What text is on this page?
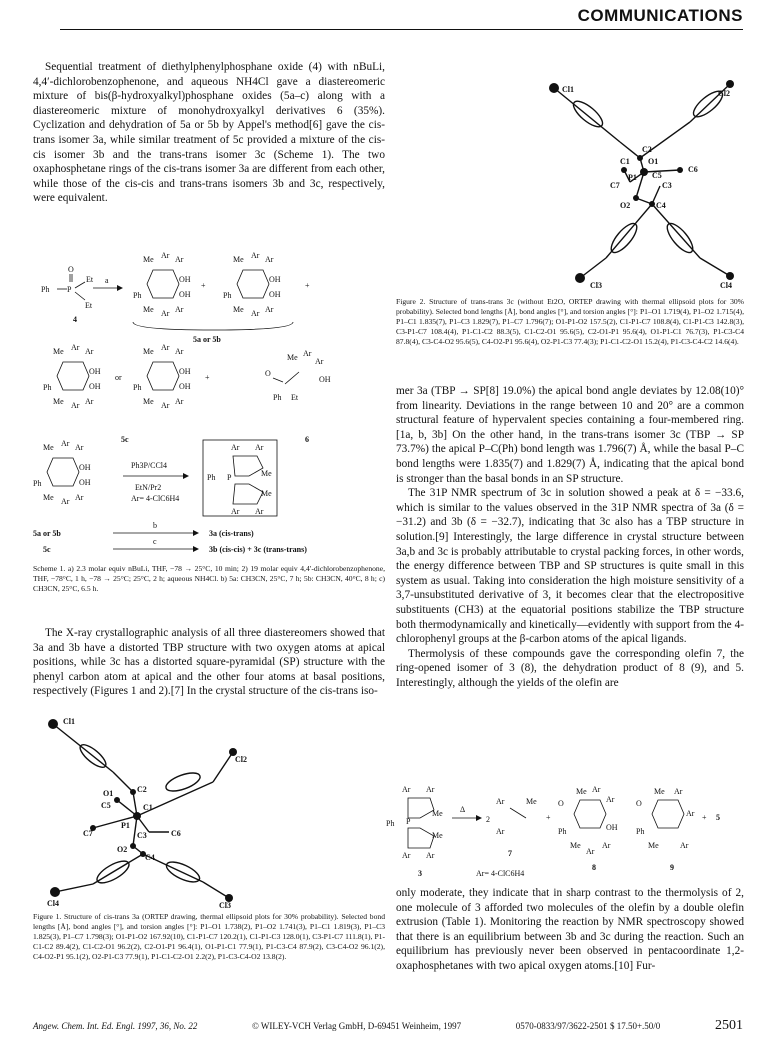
COMMUNICATIONS

Sequential treatment of diethylphenylphosphane oxide (4) with nBuLi, 4,4′-dichlorobenzophenone, and aqueous NH4Cl gave a diastereomeric mixture of bis(β-hydroxyalkyl)phosphane oxides (5a–c) along with a diastereomeric mixture of monohydroxyalkyl derivatives 6 (35%). Cyclization and dehydration of 5a or 5b by Appel's method[6] gave the cis-trans isomer 3a, while similar treatment of 5c provided a mixture of the cis-cis isomer 3b and the trans-trans isomer 3c (Scheme 1). The two oxaphosphetane rings of the cis-trans isomer 3a are different from each other, while those of the cis-cis and trans-trans isomers 3b and 3c, respectively, were equivalent.

Ph P
O
Et
Et
4
a
Me Ar Ar
OH
OH
Ph
Me Ar Ar
+
Me Ar Ar
OH
OH
Ph
Me Ar Ar
+
5a or 5b
Me Ar Ar
OH
OH
Ph
Me Ar Ar
or
Me Ar Ar
OH
OH
Ph
Me Ar Ar
+
Me Ar
Ar
O
OH
Ph Et
5c	6
Me Ar Ar
OH
OH
Ph
Me Ar Ar
Ph3P/CCl4
EtN/Pr2
Ar= 4-ClC6H4
Ar Ar
Ph P	Me
Me
Ar Ar
5a or 5b
b
3a (cis-trans)
5c
c
3b (cis-cis) + 3c (trans-trans)
Scheme 1. a) 2.3 molar equiv nBuLi, THF, −78 → 25°C, 10 min; 2) 19 molar equiv 4,4′-dichlorobenzophenone, THF, −78°C, 1 h, −78 → 25°C; 25°C, 2 h; aqueous NH4Cl. b) 5a: CH3CN, 25°C, 7 h; 5b: CH3CN, 40°C, 8 h; c) CH3CN, 25°C, 6.5 h.

The X-ray crystallographic analysis of all three diastereomers showed that 3a and 3b have a distorted TBP structure with two oxygen atoms at apical positions, while 3c has a distorted square-pyramidal (SP) structure with the phenyl carbon atom at apical and the other four atoms at basal positions, respectively (Figures 1 and 2).[7] In the crystal structure of the cis-trans iso-

Cl1
Cl2
O1	C2
C5	C1
C7
P1
C3	C6
O2
C4
Cl4	Cl3
Figure 1. Structure of cis-trans 3a (ORTEP drawing, thermal ellipsoid plots for 30% probability). Selected bond lengths [Å], bond angles [°], and torsion angles [°]: P1–O1 1.738(2), P1–O2 1.741(3), P1–C1 1.819(3), P1–C3 1.825(3), P1–C7 1.798(3); O1-P1-O2 167.92(10), C1-P1-C7 120.2(1), C1-P1-C3 128.0(1), C3-P1-C7 111.8(1), P1-C1-C2 89.4(2), C1-C2-O1 96.2(2), C2-O1-P1 96.4(1), O1-P1-C1 77.9(1), P1-C3-C4 87.9(2), C3-C4-O2 96.1(2), C4-O2-P1 95.1(2), O2-P1-C3 77.9(1), P1-C1-C2-O1 2.2(2), P1-C3-C4-O2 13.8(2).
Cl1	Cl2
C2
O1
C1
C5
C6
C7
P1
C3
O2	C4
Cl3	Cl4
Figure 2. Structure of trans-trans 3c (without Et2O, ORTEP drawing with thermal ellipsoid plots for 30% probability). Selected bond lengths [Å], bond angles [°], and torsion angles [°]: P1–O1 1.719(4), P1–O2 1.715(4), P1–C1 1.835(7), P1–C3 1.829(7), P1–C7 1.796(7); O1-P1-O2 157.5(2), C1-P1-C7 108.8(4), C1-P1-C3 142.8(3), C3-P1-C7 108.4(4), P1-C1-C2 88.3(5), C1-C2-O1 95.6(5), C2-O1-P1 95.6(4), O1-P1-C1 76.7(3), P1-C3-C4 87.8(4), C3-C4-O2 95.6(5), C4-O2-P1 95.6(4), O2-P1-C3 77.4(3); P1-C1-C2-O1 15.2(4), P1-C3-C4-C2 14.6(4).

mer 3a (TBP → SP[8] 19.0%) the apical bond angle deviates by 12.08(10)° from linearity. Deviations in the range between 10 and 20° are a common structural feature of hypervalent species containing a four-membered ring.[1a, b, 3b] On the other hand, in the trans-trans isomer 3c (TBP → SP 73.7%) the apical P–C(Ph) bond length was 1.796(7) Å, while the basal P–C bond lengths were 1.835(7) and 1.829(7) Å, indicating that the apical bond is stronger than the basal bonds in an SP structure.

The 31P NMR spectrum of 3c in solution showed a peak at δ = −33.6, which is similar to the values observed in the 31P NMR spectra of 3a (δ = −31.2) and 3b (δ = −32.7), indicating that 3c also has a TBP structure in solution.[9] Interestingly, the large difference in crystal structure between 3a,b and 3c is probably attributable to crystal packing forces, in other words, the energy difference between TBP and SP structures is quite small in this system as usual. Taking into consideration the high moisture sensitivity of a 3,7-unsubstituted derivative of 3, it becomes clear that the electropositive substituents (CH3) at the equatorial positions stabilize the TBP structure both thermodynamically and kinetically—evidently with support from the 4-chlorophenyl groups at the β-carbon atoms of the apical ligands.

Thermolysis of these compounds gave the corresponding olefin 7, the ring-opened isomer of 3 (8), the dehydration product of 8 (9), and 5. Interestingly, although the yields of the olefin are

Ar Ar
Ph P
Me
Me
Ar Ar
3
Δ
2
Ar	Me
Ar
7
+
Me Ar
Ar
O
OH
Ph
Me
Ar
Ar
8
Me Ar
O
Ar
Ph
Me	Ar
9
+ 5
Ar= 4-ClC6H4

only moderate, they indicate that in sharp contrast to the thermolysis of 2, one molecule of 3 afforded two molecules of the olefin by a double olefin extrusion (Table 1). Monitoring the reaction by NMR spectroscopy showed that there is an equilibrium between 3b and 3c during the reaction. Such an equilibrium has previously never been observed in pentacoordinate 1,2-oxaphosphetanes with two apical oxygen atoms.[10] Fur-

Angew. Chem. Int. Ed. Engl. 1997, 36, No. 22	© WILEY-VCH Verlag GmbH, D-69451 Weinheim, 1997	0570-0833/97/3622-2501 $ 17.50+.50/0	2501
